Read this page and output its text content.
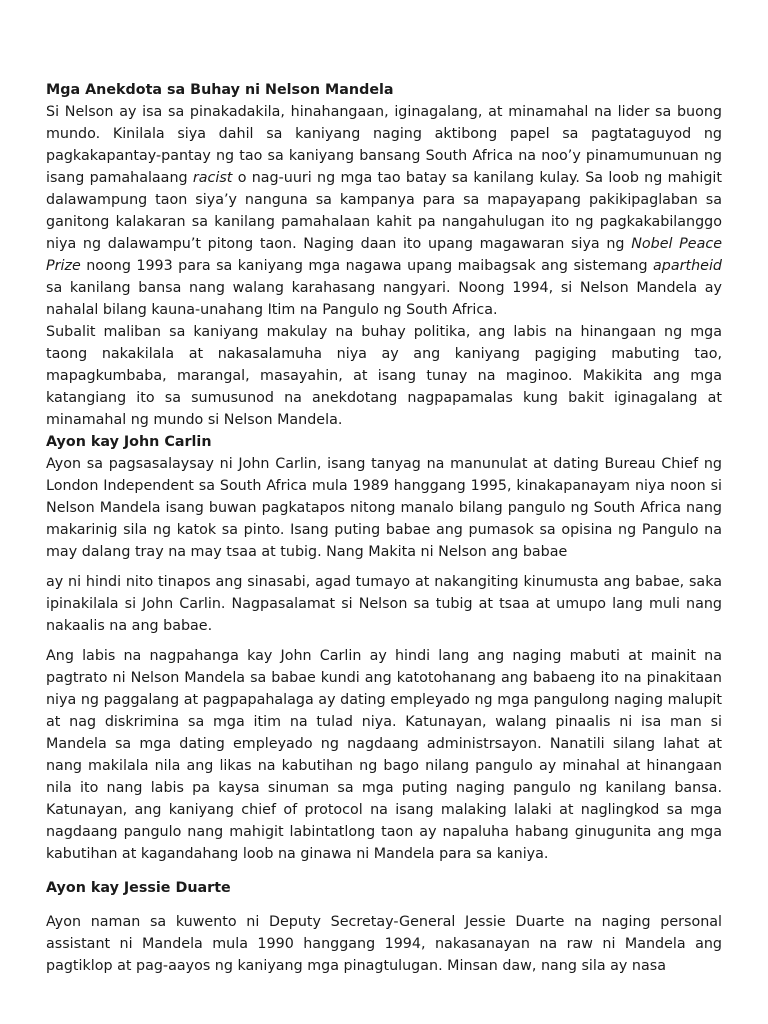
Mga Anekdota sa Buhay ni Nelson Mandela

Si Nelson ay isa sa pinakadakila, hinahangaan, iginagalang, at minamahal na lider sa buong mundo. Kinilala siya dahil sa kaniyang naging aktibong papel sa pagtataguyod ng pagkakapantay-pantay ng tao sa kaniyang bansang South Africa na noo’y pinamumunuan ng isang pamahalaang racist o nag-uuri ng mga tao batay sa kanilang kulay. Sa loob ng mahigit dalawampung taon siya’y nanguna sa kampanya para sa mapayapang pakikipaglaban sa ganitong kalakaran sa kanilang pamahalaan kahit pa nangahulugan ito ng pagkakabilanggo niya ng dalawampu’t pitong taon. Naging daan ito upang magawaran siya ng Nobel Peace Prize noong 1993 para sa kaniyang mga nagawa upang maibagsak ang sistemang apartheid sa kanilang bansa nang walang karahasang nangyari. Noong 1994, si Nelson Mandela ay nahalal bilang kauna-unahang Itim na Pangulo ng South Africa.

Subalit maliban sa kaniyang makulay na buhay politika, ang labis na hinangaan ng mga taong nakakilala at nakasalamuha niya ay ang kaniyang pagiging mabuting tao, mapagkumbaba, marangal, masayahin, at isang tunay na maginoo. Makikita ang mga katangiang ito sa sumusunod na anekdotang nagpapamalas kung bakit iginagalang at minamahal ng mundo si Nelson Mandela.

Ayon kay John Carlin

Ayon sa pagsasalaysay ni John Carlin, isang tanyag na manunulat at dating Bureau Chief ng London Independent sa South Africa mula 1989 hanggang 1995, kinakapanayam niya noon si Nelson Mandela isang buwan pagkatapos nitong manalo bilang pangulo ng South Africa nang makarinig sila ng katok sa pinto. Isang puting babae ang pumasok sa opisina ng Pangulo na may dalang tray na may tsaa at tubig. Nang Makita ni Nelson ang babae

ay ni hindi nito tinapos ang sinasabi, agad tumayo at nakangiting kinumusta ang babae, saka ipinakilala si John Carlin. Nagpasalamat si Nelson sa tubig at tsaa at umupo lang muli nang nakaalis na ang babae.

Ang labis na nagpahanga kay John Carlin ay hindi lang ang naging mabuti at mainit na pagtrato ni Nelson Mandela sa babae kundi ang katotohanang ang babaeng ito na pinakitaan niya ng paggalang at pagpapahalaga ay dating empleyado ng mga pangulong naging malupit at nag diskrimina sa mga itim na tulad niya. Katunayan, walang pinaalis ni isa man si Mandela sa mga dating empleyado ng nagdaang administrsayon. Nanatili silang lahat at nang makilala nila ang likas na kabutihan ng bago nilang pangulo ay minahal at hinangaan nila ito nang labis pa kaysa sinuman sa mga puting naging pangulo ng kanilang bansa. Katunayan, ang kaniyang chief of protocol na isang malaking lalaki at naglingkod sa mga nagdaang pangulo nang mahigit labintatlong taon ay napaluha habang ginugunita ang mga kabutihan at kagandahang loob na ginawa ni Mandela para sa kaniya.

Ayon kay Jessie Duarte

Ayon naman sa kuwento ni Deputy Secretay-General Jessie Duarte na naging personal assistant ni Mandela mula 1990 hanggang 1994, nakasanayan na raw ni Mandela ang pagtiklop at pag-aayos ng kaniyang mga pinagtulugan. Minsan daw, nang sila ay nasa
